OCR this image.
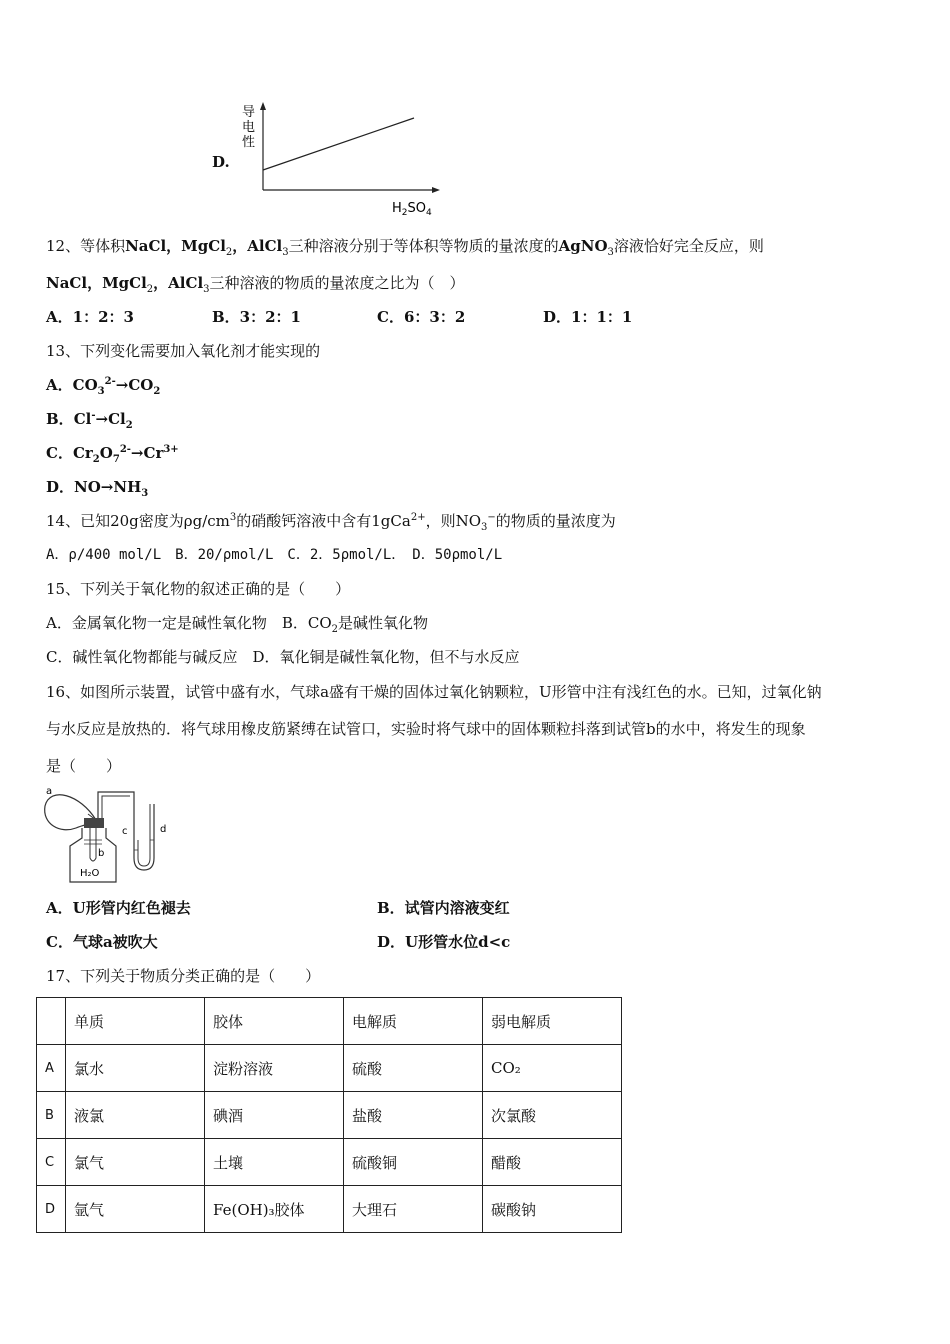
D.
导
电
性
$H_2SO_4$
12、等体积NaCl，MgCl$_2$，AlCl$_3$三种溶液分别于等体积等物质的量浓度的AgNO$_3$溶液恰好完全反应，则
NaCl，MgCl$_2$，AlCl$_3$三种溶液的物质的量浓度之比为（　）
A．1：2：3	B．3：2：1	C．6：3：2	D．1：1：1
13、下列变化需要加入氧化剂才能实现的
A．$CO_3^{2-}\to CO_2$
B．$Cl^-\to Cl_2$
C．$Cr_2O_7^{2-}\to Cr^{3+}$
D．$NO\to NH_3$
14、已知20g密度为$\rho g/cm^3$的硝酸钙溶液中含有1gCa$^{2+}$，则$NO_3^-$的物质的量浓度为
A．ρ/400 mol/L　B．20/ρmol/L　C．2．5ρmol/L．　D．50ρmol/L
15、下列关于氧化物的叙述正确的是（　　）
A．金属氧化物一定是碱性氧化物　B．$CO_2$是碱性氧化物
C．碱性氧化物都能与碱反应　D．氧化铜是碱性氧化物，但不与水反应
16、如图所示装置，试管中盛有水，气球a盛有干燥的固体过氧化钠颗粒，U形管中注有浅红色的水。已知，过氧化钠
与水反应是放热的．将气球用橡皮筋紧缚在试管口，实验时将气球中的固体颗粒抖落到试管b的水中，将发生的现象
是（　　）
a
b
c	d
H₂O
A．U形管内红色褪去	B．试管内溶液变红
C．气球a被吹大	D．U形管水位d<c
17、下列关于物质分类正确的是（　　）
	单质	胶体	电解质	弱电解质
A	氯水	淀粉溶液	硫酸	CO₂
B	液氯	碘酒	盐酸	次氯酸
C	氯气	土壤	硫酸铜	醋酸
D	氩气	Fe(OH)₃胶体	大理石	碳酸钠
